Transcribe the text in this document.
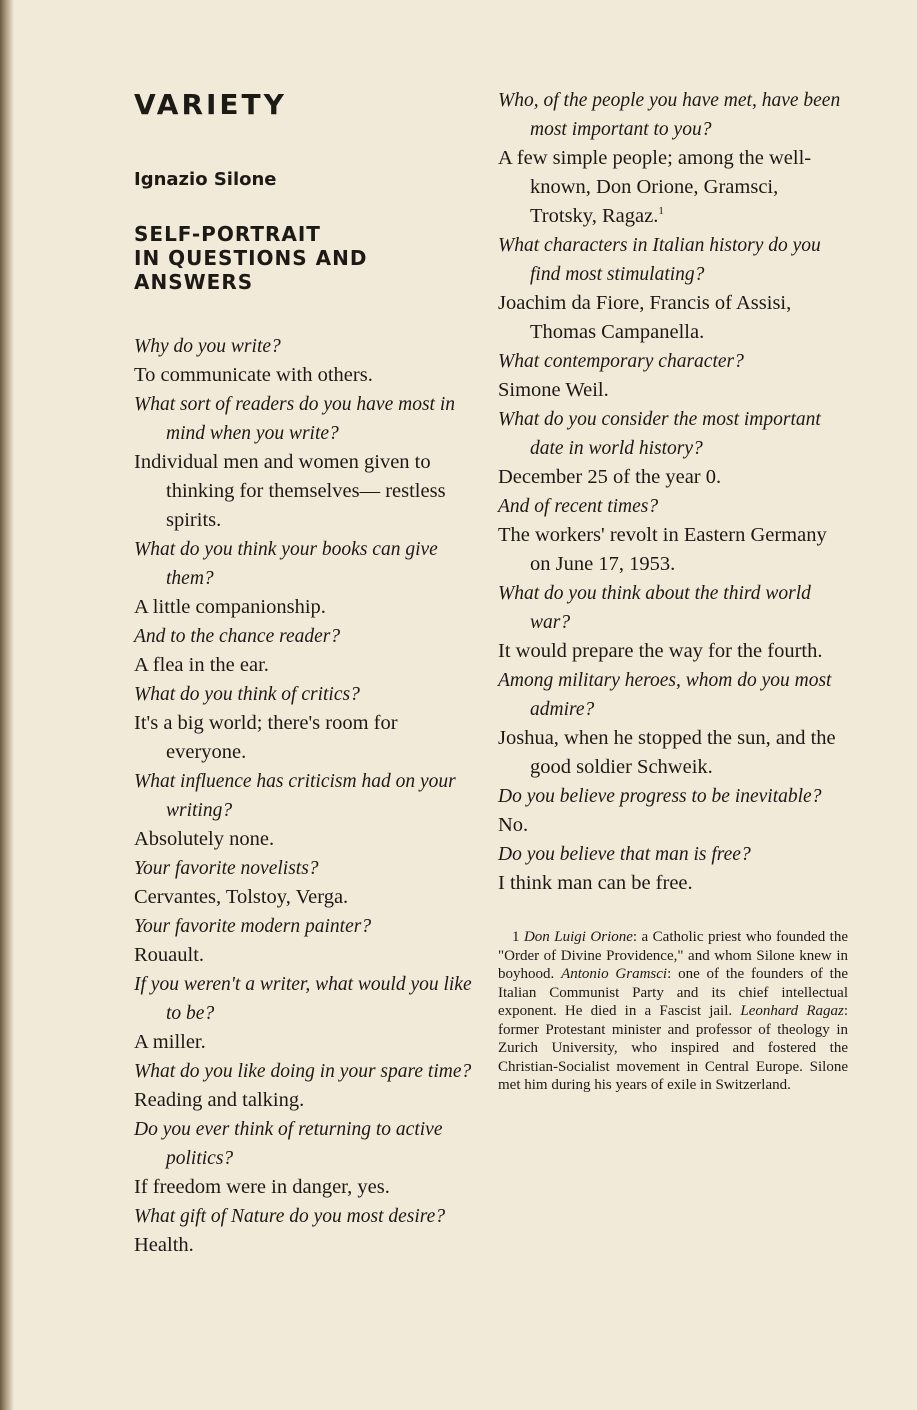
VARIETY
Ignazio Silone
SELF-PORTRAIT
IN QUESTIONS AND ANSWERS

Why do you write?

To communicate with others.

What sort of readers do you have most in mind when you write?

Individual men and women given to thinking for themselves— restless spirits.

What do you think your books can give them?

A little companionship.

And to the chance reader?

A flea in the ear.

What do you think of critics?

It's a big world; there's room for everyone.

What influence has criticism had on your writing?

Absolutely none.

Your favorite novelists?

Cervantes, Tolstoy, Verga.

Your favorite modern painter?

Rouault.

If you weren't a writer, what would you like to be?

A miller.

What do you like doing in your spare time?

Reading and talking.

Do you ever think of returning to active politics?

If freedom were in danger, yes.

What gift of Nature do you most desire?

Health.

Who, of the people you have met, have been most important to you?

A few simple people; among the well-known, Don Orione, Gramsci, Trotsky, Ragaz.$^1$

What characters in Italian history do you find most stimulating?

Joachim da Fiore, Francis of Assisi, Thomas Campanella.

What contemporary character?

Simone Weil.

What do you consider the most important date in world history?

December 25 of the year 0.

And of recent times?

The workers' revolt in Eastern Germany on June 17, 1953.

What do you think about the third world war?

It would prepare the way for the fourth.

Among military heroes, whom do you most admire?

Joshua, when he stopped the sun, and the good soldier Schweik.

Do you believe progress to be inevitable?

No.

Do you believe that man is free?

I think man can be free.

1 Don Luigi Orione: a Catholic priest who founded the "Order of Divine Providence," and whom Silone knew in boyhood. Antonio Gramsci: one of the founders of the Italian Communist Party and its chief intellectual exponent. He died in a Fascist jail. Leonhard Ragaz: former Protestant minister and professor of theology in Zurich University, who inspired and fostered the Christian-Socialist movement in Central Europe. Silone met him during his years of exile in Switzerland.
